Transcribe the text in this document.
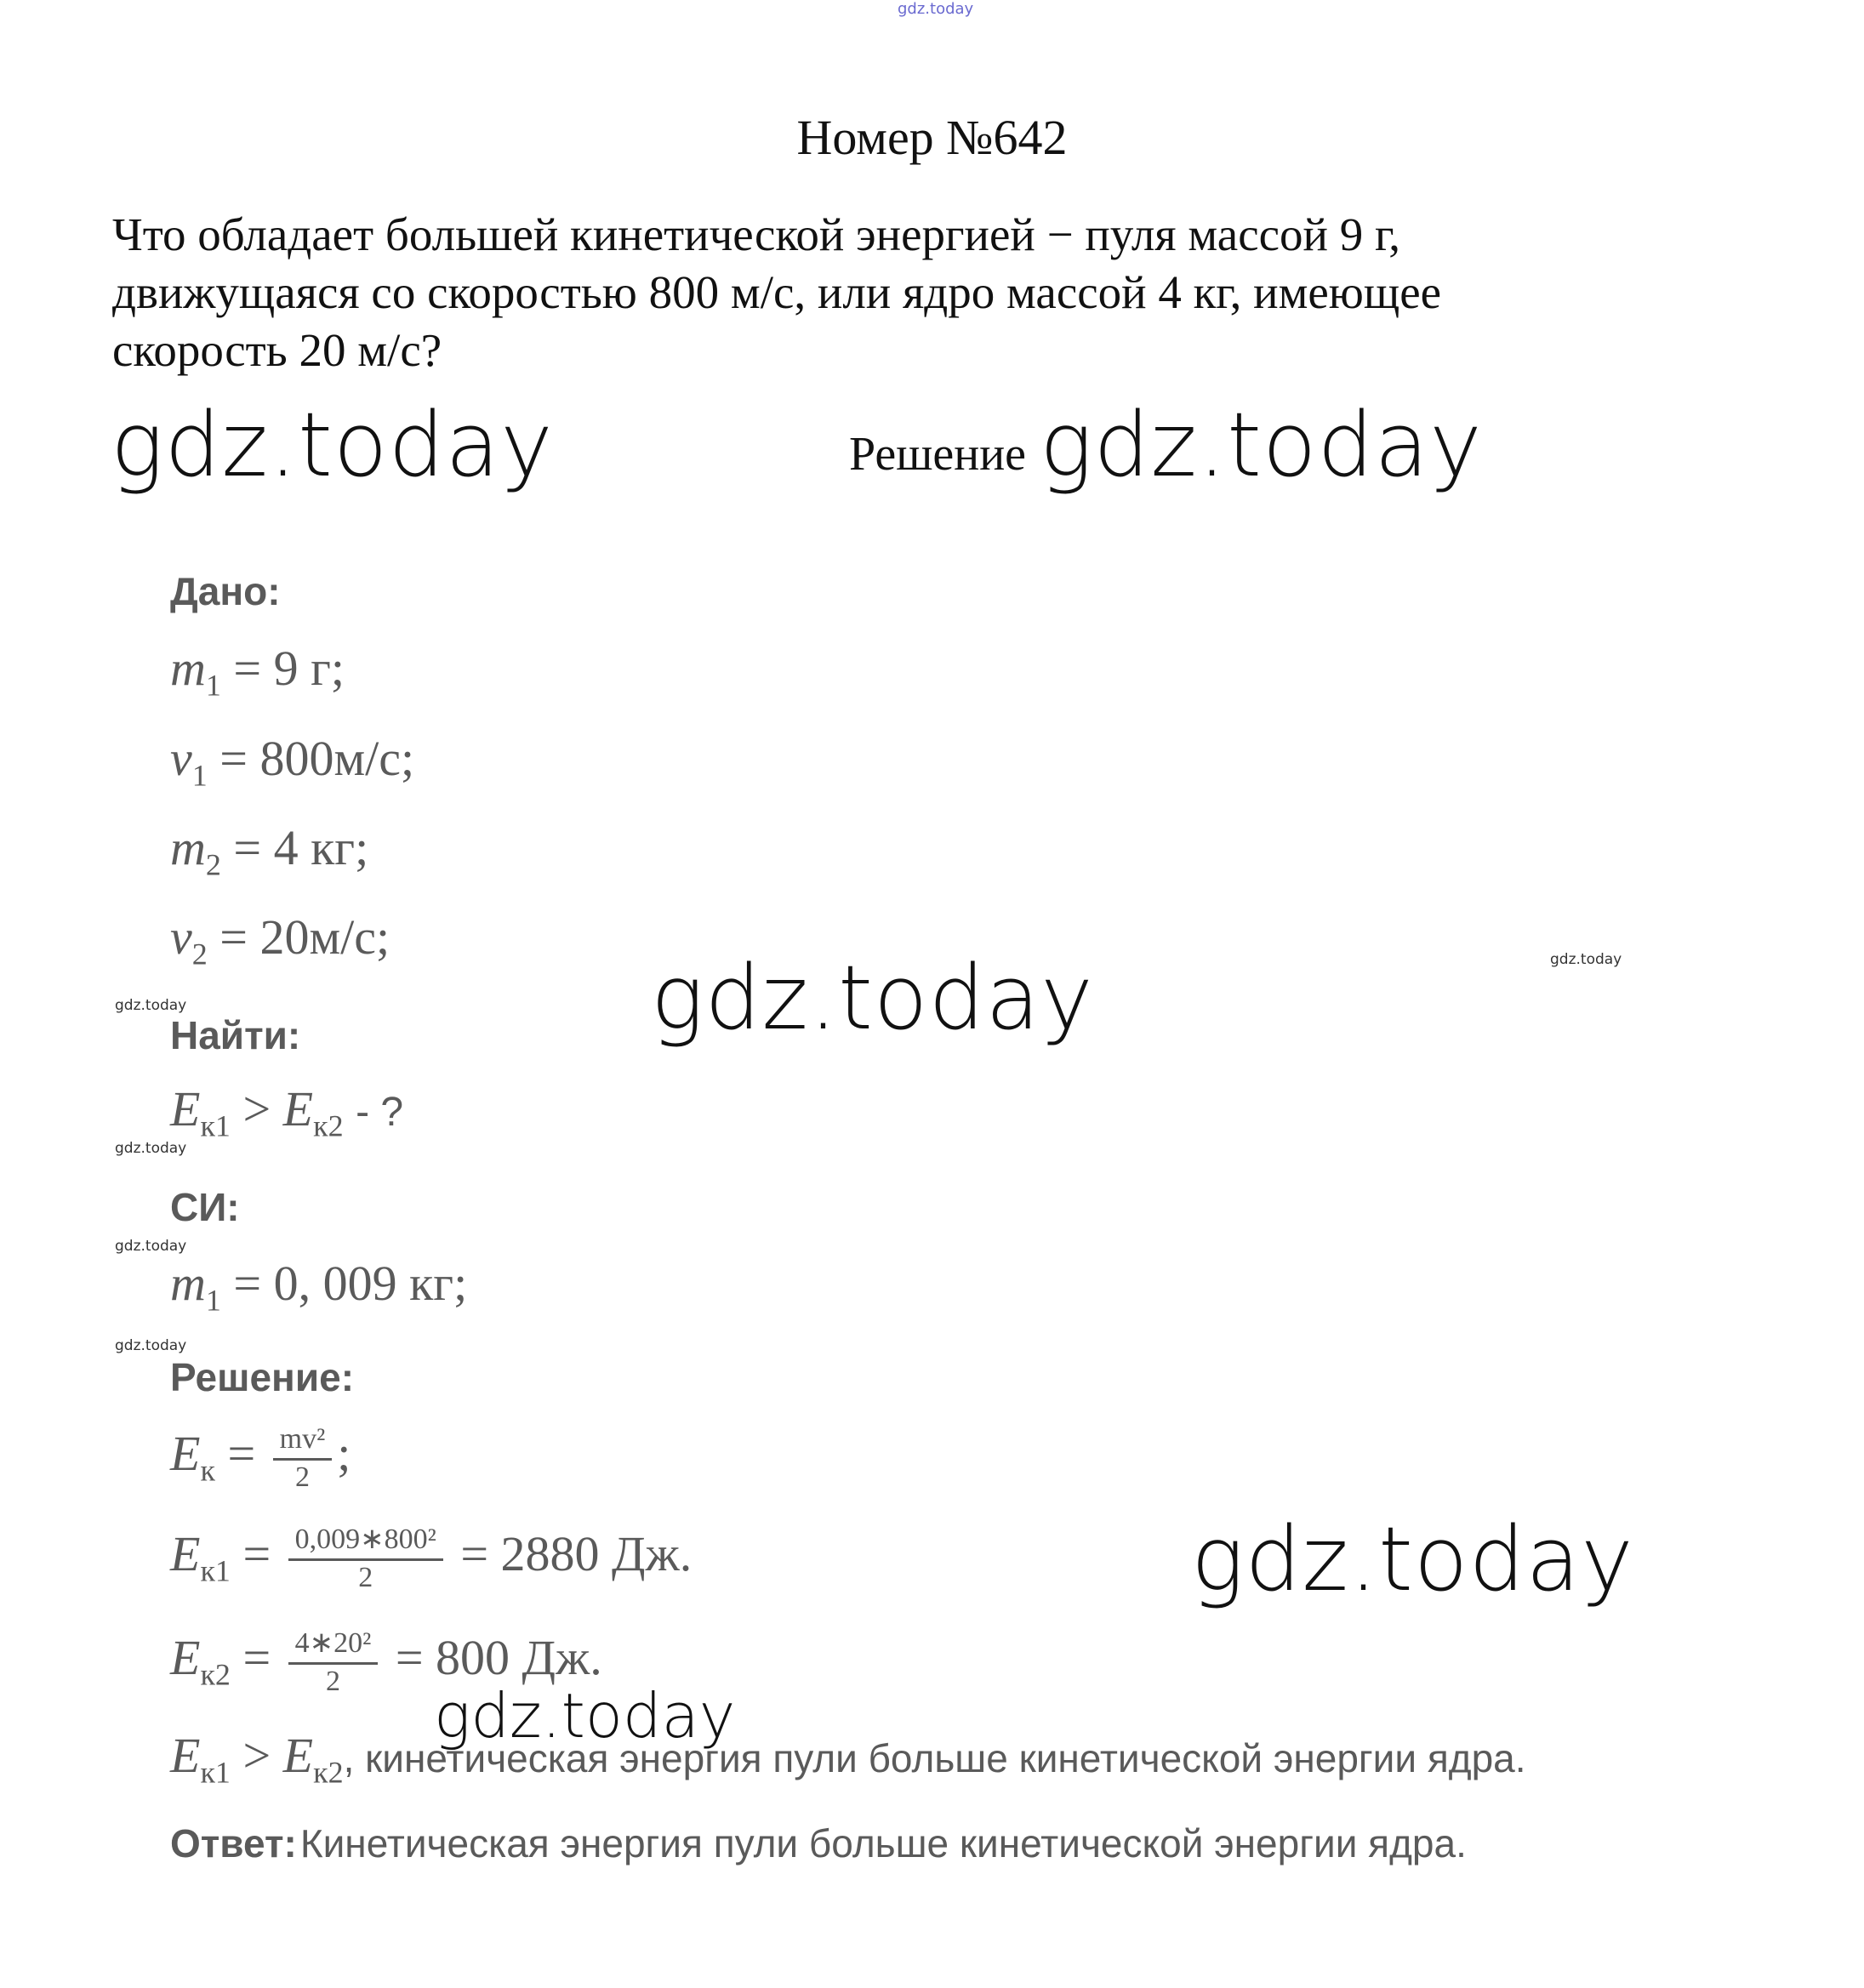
gdz.today
Номер №642
Что обладает большей кинетической энергией − пуля массой 9 г,
движущаяся со скоростью 800 м/с, или ядро массой 4 кг, имеющее
скорость 20 м/с?
gdz.today	Решение gdz.today
Дано:
$m_1 = 9$ г;
$v_1 = 800м/с$;
$m_2 = 4$ кг;
$v_2 = 20м/с$;	gdz.today
gdz.today
gdz.today
Найти:
$E_{к1} > E_{к2}$ - ?
gdz.today
СИ:
gdz.today
$m_1 = 0$, 009 кг;
gdz.today
Решение:
$E_к = \frac{\text{mv²}}{2}$ ;
$E_{к1} = \frac{\text{0,009∗800²}}{2} = 2880$ Дж.	gdz.today
$E_{к2} = \frac{\text{4∗20²}}{2} = 800$ Дж.
gdz.today
$E_{к1} > E_{к2}$, кинетическая энергия пули больше кинетической энергии ядра.
Ответ: Кинетическая энергия пули больше кинетической энергии ядра.
